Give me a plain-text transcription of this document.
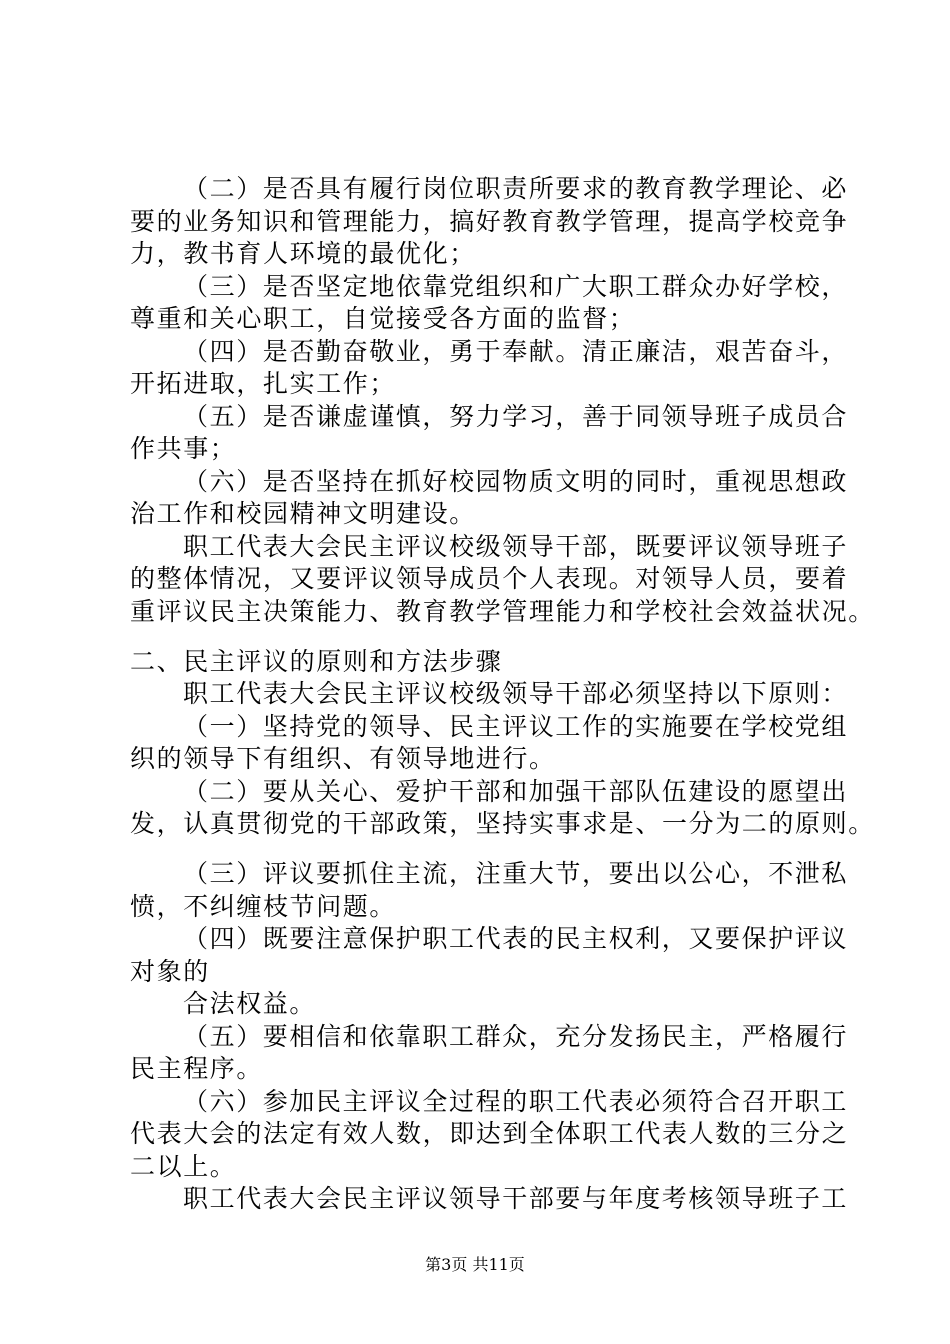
（二）是否具有履行岗位职责所要求的教育教学理论、必
要的业务知识和管理能力，搞好教育教学管理，提高学校竞争
力，教书育人环境的最优化；
（三）是否坚定地依靠党组织和广大职工群众办好学校，
尊重和关心职工，自觉接受各方面的监督；
（四）是否勤奋敬业，勇于奉献。清正廉洁，艰苦奋斗，
开拓进取，扎实工作；
（五）是否谦虚谨慎，努力学习，善于同领导班子成员合
作共事；
（六）是否坚持在抓好校园物质文明的同时，重视思想政
治工作和校园精神文明建设。
职工代表大会民主评议校级领导干部，既要评议领导班子
的整体情况，又要评议领导成员个人表现。对领导人员，要着
重评议民主决策能力、教育教学管理能力和学校社会效益状况。
二、民主评议的原则和方法步骤
职工代表大会民主评议校级领导干部必须坚持以下原则：
（一）坚持党的领导、民主评议工作的实施要在学校党组
织的领导下有组织、有领导地进行。
（二）要从关心、爱护干部和加强干部队伍建设的愿望出
发，认真贯彻党的干部政策，坚持实事求是、一分为二的原则。
（三）评议要抓住主流，注重大节，要出以公心，不泄私
愤，不纠缠枝节问题。
（四）既要注意保护职工代表的民主权利，又要保护评议
对象的
合法权益。
（五）要相信和依靠职工群众，充分发扬民主，严格履行
民主程序。
（六）参加民主评议全过程的职工代表必须符合召开职工
代表大会的法定有效人数，即达到全体职工代表人数的三分之
二以上。
职工代表大会民主评议领导干部要与年度考核领导班子工
第3页 共11页
